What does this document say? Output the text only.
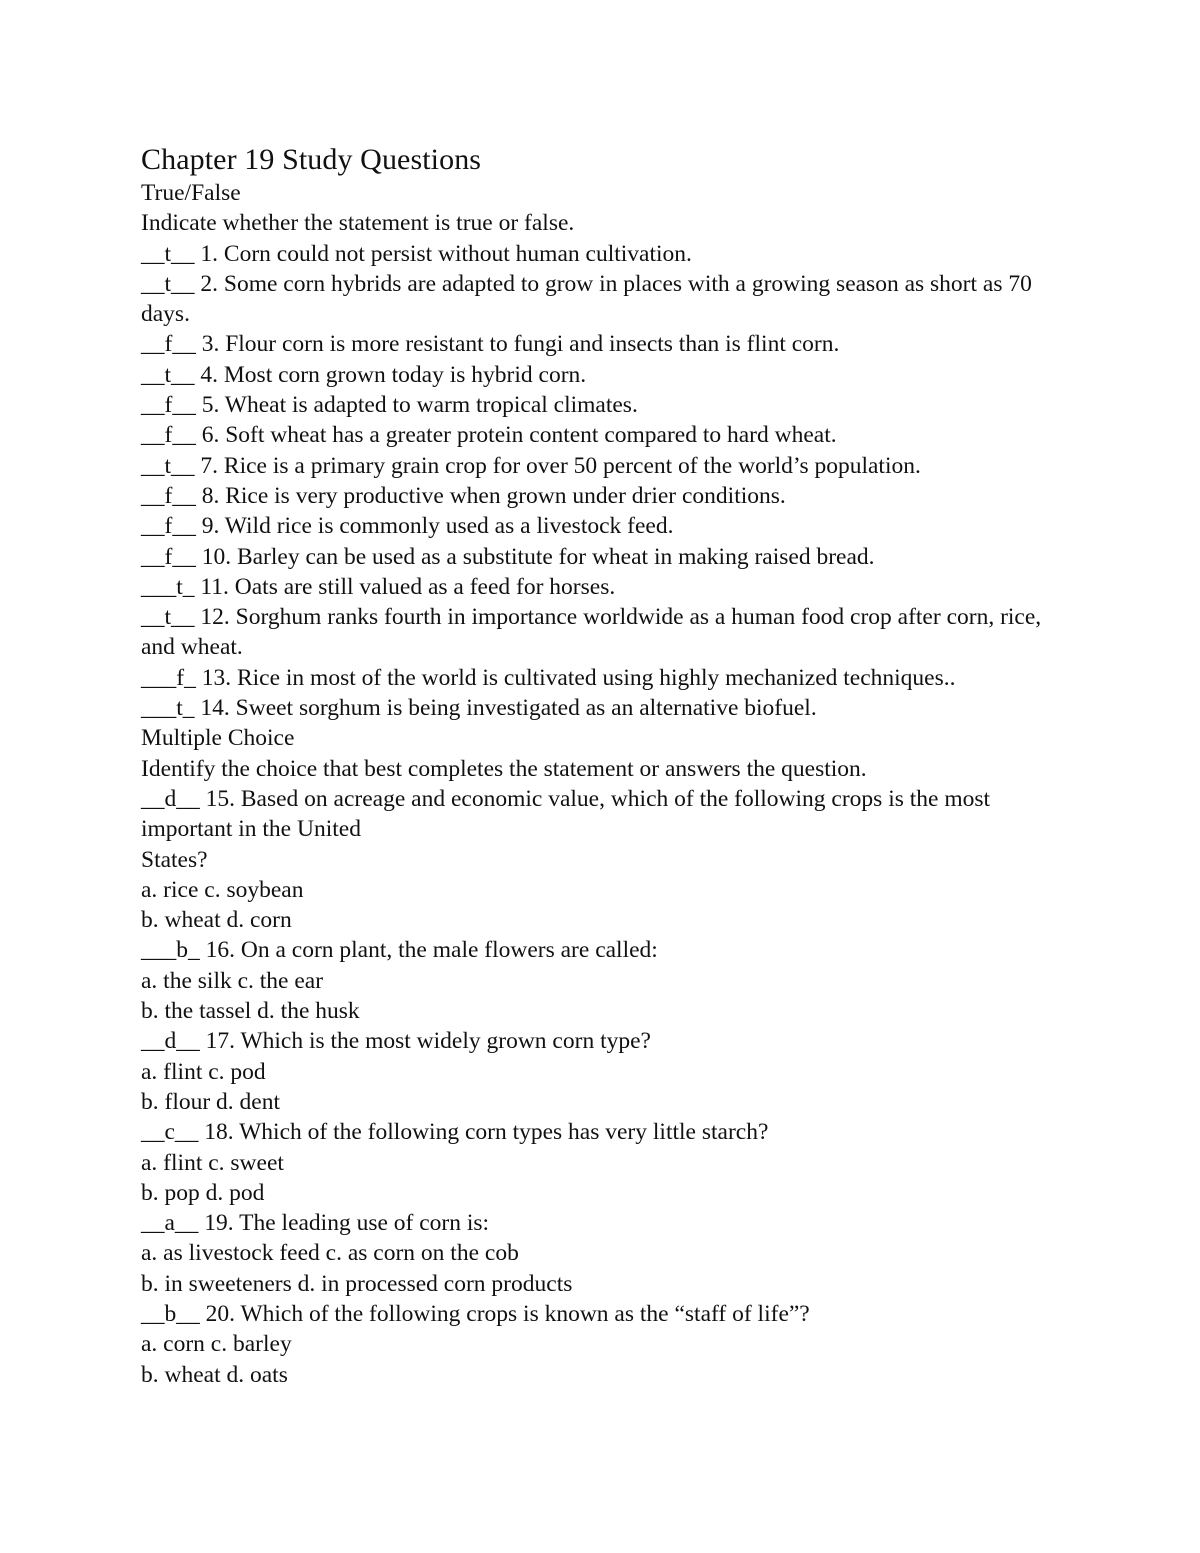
Chapter 19 Study Questions

True/False

Indicate whether the statement is true or false.

__t__ 1. Corn could not persist without human cultivation.

__t__ 2. Some corn hybrids are adapted to grow in places with a growing season as short as 70 days.

__f__ 3. Flour corn is more resistant to fungi and insects than is flint corn.

__t__ 4. Most corn grown today is hybrid corn.

__f__ 5. Wheat is adapted to warm tropical climates.

__f__ 6. Soft wheat has a greater protein content compared to hard wheat.

__t__ 7. Rice is a primary grain crop for over 50 percent of the world’s population.

__f__ 8. Rice is very productive when grown under drier conditions.

__f__ 9. Wild rice is commonly used as a livestock feed.

__f__ 10. Barley can be used as a substitute for wheat in making raised bread.

___t_ 11. Oats are still valued as a feed for horses.

__t__ 12. Sorghum ranks fourth in importance worldwide as a human food crop after corn, rice, and wheat.

___f_ 13. Rice in most of the world is cultivated using highly mechanized techniques..

___t_ 14. Sweet sorghum is being investigated as an alternative biofuel.

Multiple Choice

Identify the choice that best completes the statement or answers the question.

__d__ 15. Based on acreage and economic value, which of the following crops is the most important in the United

States?

a. rice c. soybean

b. wheat d. corn

___b_ 16. On a corn plant, the male flowers are called:

a. the silk c. the ear

b. the tassel d. the husk

__d__ 17. Which is the most widely grown corn type?

a. flint c. pod

b. flour d. dent

__c__ 18. Which of the following corn types has very little starch?

a. flint c. sweet

b. pop d. pod

__a__ 19. The leading use of corn is:

a. as livestock feed c. as corn on the cob

b. in sweeteners d. in processed corn products

__b__ 20. Which of the following crops is known as the “staff of life”?

a. corn c. barley

b. wheat d. oats
